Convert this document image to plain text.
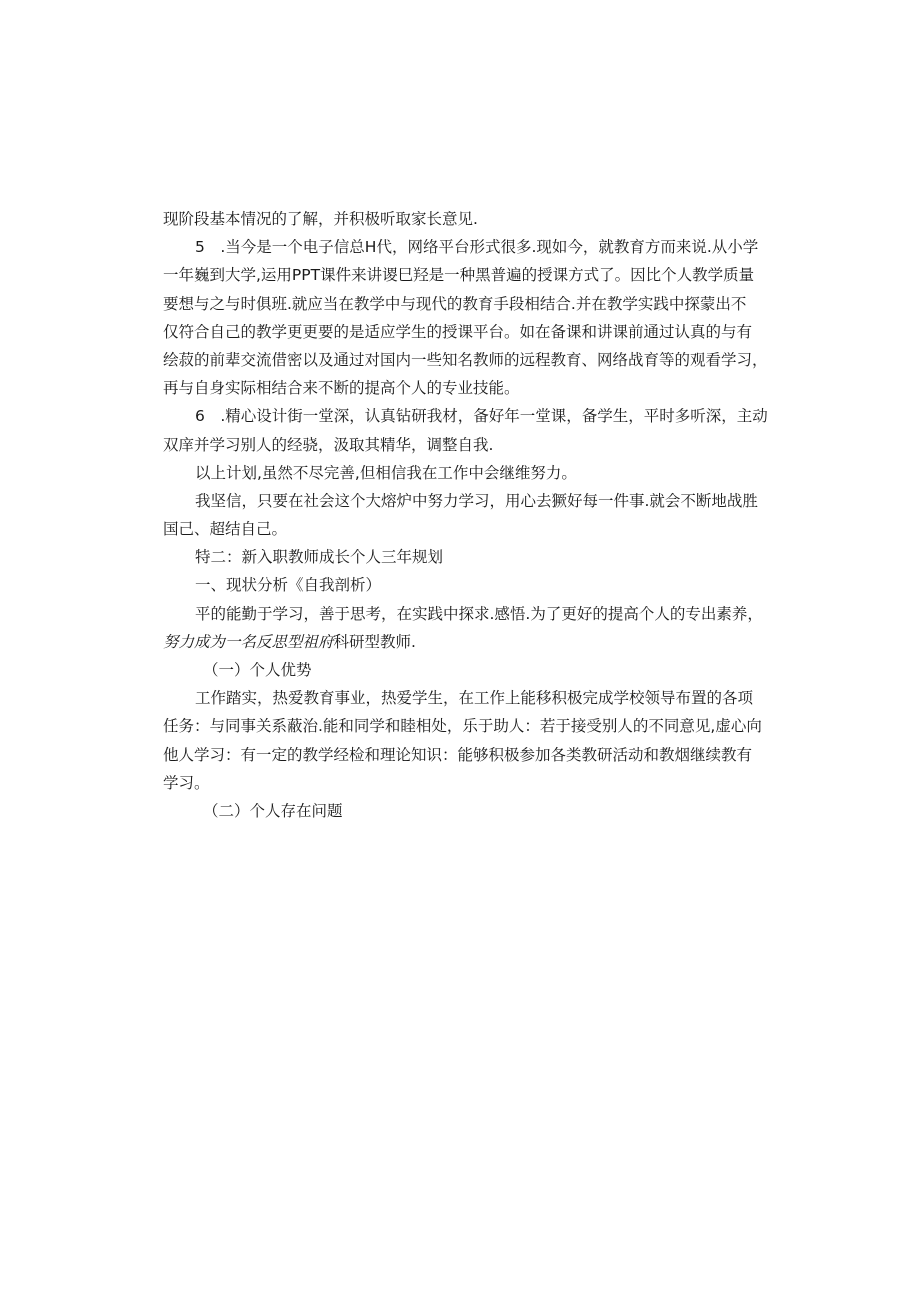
现阶段基本情况的了解，并积极听取家长意见.
5　.当今是一个电子信总H代，网络平台形式很多.现如今，就教育方而来说.从小学
一年巍到大学,运用PPT课件来讲谡巳羟是一种黑普遍的授课方式了。因比个人教学质量
要想与之与时俱班.就应当在教学中与现代的教育手段相结合.并在教学实践中探蒙出不
仅符合自己的教学更更要的是适应学生的授课平台。如在备课和讲课前通过认真的与有
绘菽的前辈交流借密以及通过对国内一些知名教师的远程教育、网络战育等的观看学习，
再与自身实际相结合来不断的提高个人的专业技能。
6　.精心设计街一堂深，认真钻研我材，备好年一堂课，备学生，平时多听深，主动
双庠并学习别人的经骁，汲取其精华，调整自我.
以上计划,虽然不尽完善,但相信我在工作中会继维努力。
我坚信，只要在社会这个大熔炉中努力学习，用心去獗好每一件事.就会不断地战胜
国己、超结自己。
特二：新入职教师成长个人三年规划
一、现状分析《自我剖析）
平的能勤于学习，善于思考，在实践中探求.感悟.为了更好的提高个人的专出素养，
努力成为一名反思型祖府科研型教师.
（一）个人优势
工作踏实，热爱教育事业，热爱学生，在工作上能移积极完成学校领导布置的各项
任务：与同事关系蔽治.能和同学和睦相处，乐于助人：若于接受别人的不同意见,虚心向
他人学习：有一定的教学经检和理论知识：能够积极参加各类教研活动和教烟继续教有
学习。
（二）个人存在问题
